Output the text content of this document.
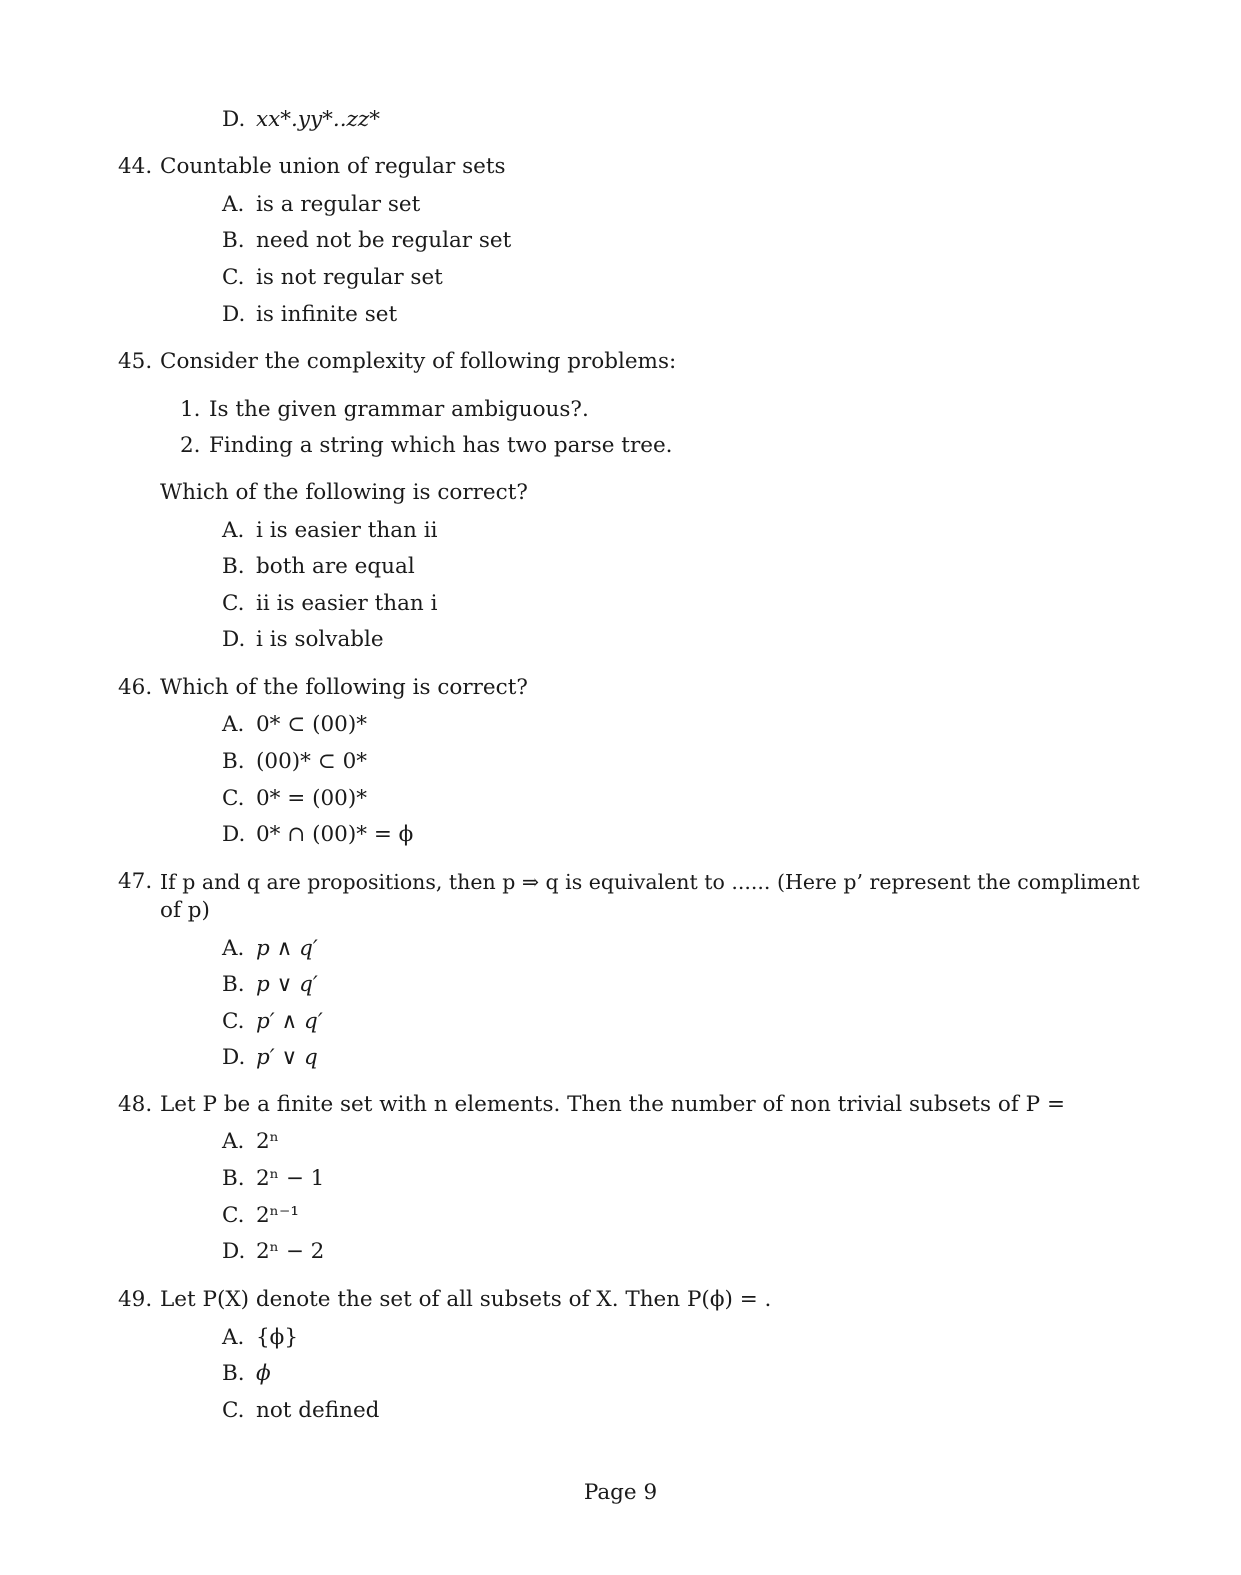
D. xx*.yy*..zz*
44. Countable union of regular sets
A. is a regular set
B. need not be regular set
C. is not regular set
D. is infinite set
45. Consider the complexity of following problems:
1. Is the given grammar ambiguous?.
2. Finding a string which has two parse tree.
Which of the following is correct?
A. i is easier than ii
B. both are equal
C. ii is easier than i
D. i is solvable
46. Which of the following is correct?
A. 0* ⊂ (00)*
B. (00)* ⊂ 0*
C. 0* = (00)*
D. 0* ∩ (00)* = ϕ
47. If p and q are propositions, then p ⇒ q is equivalent to ...... (Here p’ represent the compliment
of p)
A. p ∧ q′
B. p ∨ q′
C. p′ ∧ q′
D. p′ ∨ q
48. Let P be a finite set with n elements. Then the number of non trivial subsets of P =
A. 2ⁿ
B. 2ⁿ − 1
C. 2ⁿ⁻¹
D. 2ⁿ − 2
49. Let P(X) denote the set of all subsets of X. Then P(ϕ) = .
A. {ϕ}
B. ϕ
C. not defined
Page 9
